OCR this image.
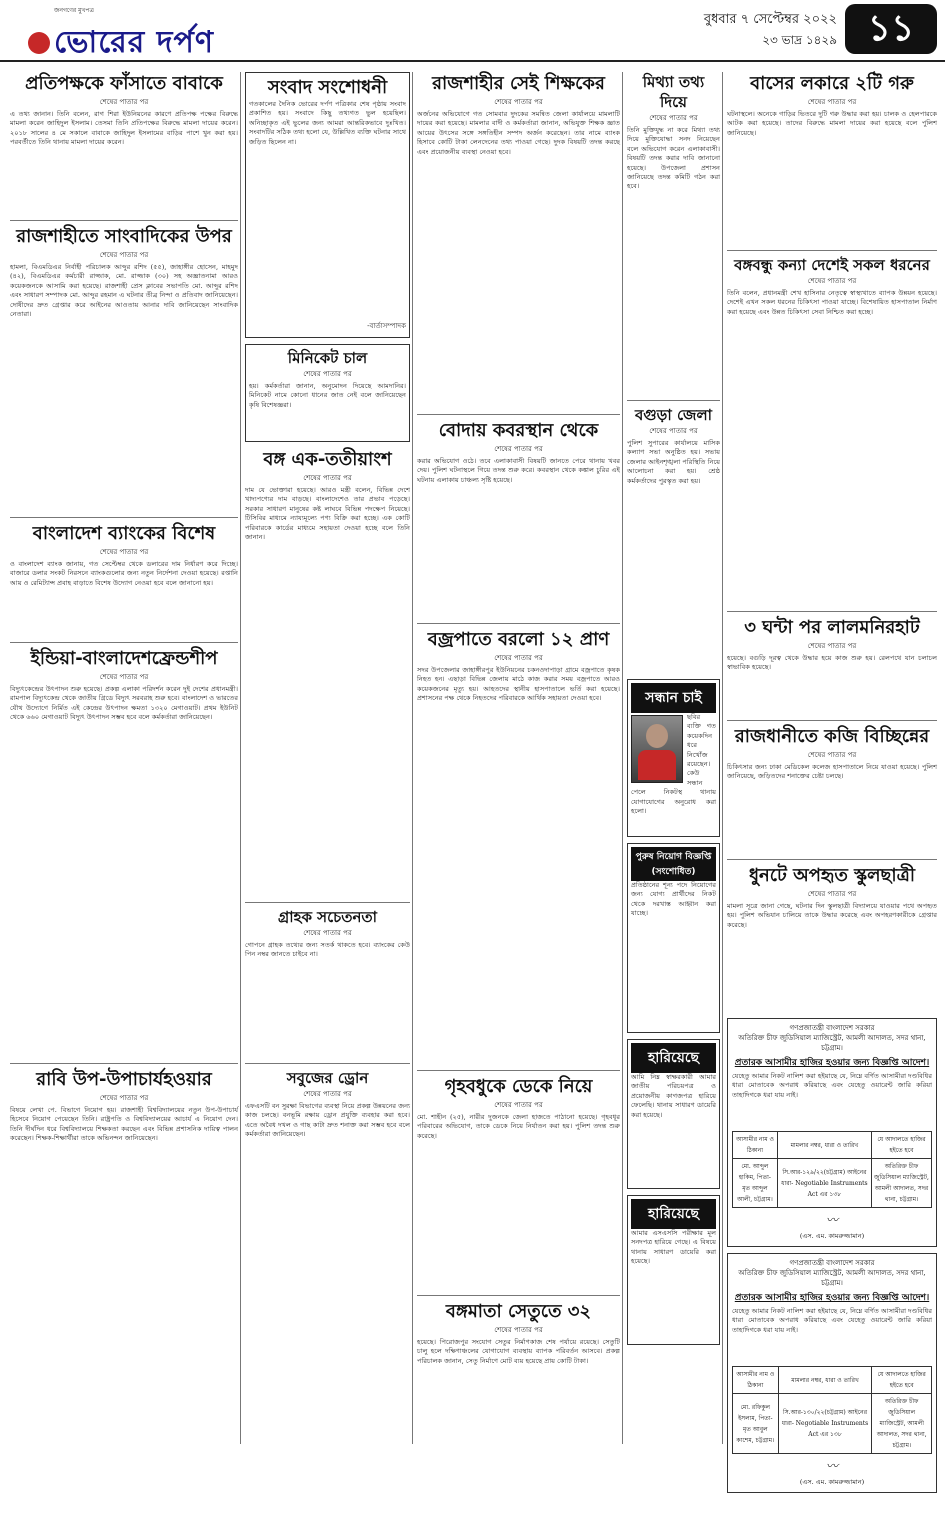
জনগণের মুখপত্র
ভোরের দর্পণ
বুধবার ৭ সেপ্টেম্বর ২০২২
২৩ ভাদ্র ১৪২৯ ১১
প্রতিপক্ষকে ফাঁসাতে বাবাকে
শেষের পাতার পর

এ তথ্য জানান। তিনি বলেন, রাগ শিরা ইউনিয়নের কারণে প্রতিপক্ষ পক্ষের বিরুদ্ধে মামলা করেন জাহিদুল ইসলাম। তেসমা তিনি প্রতিপক্ষের বিরুদ্ধে মামলা দায়ের করেন। ২০১৮ সালের ৪ মে সকালে বাবাকে জাহিদুল ইসলামের বাড়ির পাশে খুন করা হয়। পরবর্তীতে তিনি থানায় মামলা দায়ের করেন।

রাজশাহীতে সাংবাদিকের উপর
শেষের পাতার পর

হামলা, বিএমডিএর নির্বাহী পরিচালক আব্দুর রশিদ (৫৫), জাহাঙ্গীর হোসেন, মাহমুদ (৪২), বিএমডিএর কর্মচারী রাজ্জাক, মো. রাজ্জাক (৩০) সহ অজ্ঞাতনামা আরও কয়েকজনকে আসামি করা হয়েছে। রাজশাহী প্রেস ক্লাবের সভাপতি মো. আব্দুর রশিদ এবং সাধারণ সম্পাদক মো. আব্দুর রহমান এ ঘটনার তীব্র নিন্দা ও প্রতিবাদ জানিয়েছেন। দোষীদের দ্রুত গ্রেপ্তার করে আইনের আওতায় আনার দাবি জানিয়েছেন সাংবাদিক নেতারা।

বাংলাদেশ ব্যাংকের বিশেষ
শেষের পাতার পর

ও বাংলাদেশ ব্যাংক জানায়, গত সেপ্টেম্বর থেকে ডলারের দাম নির্ধারণ করে দিচ্ছে। বাজারে ডলার সংকট নিরসনে ব্যাংকগুলোর জন্য নতুন নির্দেশনা দেওয়া হয়েছে। রপ্তানি আয় ও রেমিট্যান্স প্রবাহ বাড়াতে বিশেষ উদ্যোগ নেওয়া হবে বলে জানানো হয়।

ইন্ডিয়া-বাংলাদেশফ্রেন্ডশীপ
শেষের পাতার পর

বিদ্যুৎকেন্দ্রের উৎপাদন শুরু হয়েছে। প্রকল্প এলাকা পরিদর্শন করেন দুই দেশের প্রধানমন্ত্রী। রামপাল বিদ্যুৎকেন্দ্র থেকে জাতীয় গ্রিডে বিদ্যুৎ সরবরাহ শুরু হবে। বাংলাদেশ ও ভারতের যৌথ উদ্যোগে নির্মিত এই কেন্দ্রের উৎপাদন ক্ষমতা ১৩২০ মেগাওয়াট। প্রথম ইউনিট থেকে ৬৬০ মেগাওয়াট বিদ্যুৎ উৎপাদন সম্ভব হবে বলে কর্মকর্তারা জানিয়েছেন।

রাবি উপ-উপাচার্যহওয়ার
শেষের পাতার পর

বিষয়ে লেখা পে. বিভাগে নিয়োগ হয়। রাজশাহী বিশ্ববিদ্যালয়ের নতুন উপ-উপাচার্য হিসেবে নিয়োগ পেয়েছেন তিনি। রাষ্ট্রপতি ও বিশ্ববিদ্যালয়ের আচার্য এ নিয়োগ দেন। তিনি দীর্ঘদিন ধরে বিশ্ববিদ্যালয়ে শিক্ষকতা করছেন এবং বিভিন্ন প্রশাসনিক দায়িত্ব পালন করেছেন। শিক্ষক-শিক্ষার্থীরা তাকে অভিনন্দন জানিয়েছেন।

সংবাদ সংশোধনী

গতকালের দৈনিক ভোরের দর্পণ পত্রিকার শেষ পৃষ্ঠায় সংবাদ প্রকাশিত হয়। সংবাদে কিছু তথ্যগত ভুল হয়েছিল। অনিচ্ছাকৃত এই ভুলের জন্য আমরা আন্তরিকভাবে দুঃখিত। সংবাদটির সঠিক তথ্য হলো যে, উল্লিখিত ব্যক্তি ঘটনার সাথে জড়িত ছিলেন না।

-বার্তাসম্পাদক
মিনিকেট চাল
শেষের পাতার পর

হয়। কর্মকর্তারা জানান, অনুমোদন দিয়েছে আমদানির। মিনিকেট নামে কোনো ধানের জাত নেই বলে জানিয়েছেন কৃষি বিশেষজ্ঞরা।

বঙ্গ এক-ততীয়াংশ
শেষের পাতার পর

দাম যে ভোক্তারা হয়েছে। আরও মন্ত্রী বলেন, বিভিন্ন দেশে খাদ্যপণ্যের দাম বাড়ছে। বাংলাদেশেও তার প্রভাব পড়েছে। সরকার সাধারণ মানুষের কষ্ট লাঘবে বিভিন্ন পদক্ষেপ নিয়েছে। টিসিবির মাধ্যমে ন্যায্যমূল্যে পণ্য বিক্রি করা হচ্ছে। এক কোটি পরিবারকে কার্ডের মাধ্যমে সহায়তা দেওয়া হচ্ছে বলে তিনি জানান।

গ্রাহক সচেতনতা
শেষের পাতার পর

গোপনে গ্রাহক তথ্যের জন্য সতর্ক থাকতে হবে। ব্যাংকের কেউ পিন নম্বর জানতে চাইবে না।

সবুজের ড্রোন
শেষের পাতার পর

এফএসটি বন সুরক্ষা বিভাগের ব্যবস্থা নিয়ে প্রকল্প উন্নয়নের জন্য কাজ চলছে। বনভূমি রক্ষায় ড্রোন প্রযুক্তি ব্যবহার করা হবে। এতে অবৈধ দখল ও গাছ কাটা দ্রুত শনাক্ত করা সম্ভব হবে বলে কর্মকর্তারা জানিয়েছেন।

রাজশাহীর সেই শিক্ষকের
শেষের পাতার পর

অর্জনের অভিযোগে গত সোমবার দুদকের সমন্বিত জেলা কার্যালয়ে মামলাটি দায়ের করা হয়েছে। মামলার বাদী ও কর্মকর্তারা জানান, অভিযুক্ত শিক্ষক জ্ঞাত আয়ের উৎসের সঙ্গে সঙ্গতিহীন সম্পদ অর্জন করেছেন। তার নামে ব্যাংক হিসাবে কোটি টাকা লেনদেনের তথ্য পাওয়া গেছে। দুদক বিষয়টি তদন্ত করছে এবং প্রয়োজনীয় ব্যবস্থা নেওয়া হবে।

বোদায় কবরস্থান থেকে
শেষের পাতার পর

করার অভিযোগ ওঠে। তবে এলাকাবাসী বিষয়টি জানতে পেরে থানায় খবর দেয়। পুলিশ ঘটনাস্থলে গিয়ে তদন্ত শুরু করে। কবরস্থান থেকে কঙ্কাল চুরির এই ঘটনায় এলাকায় চাঞ্চল্য সৃষ্টি হয়েছে।

বজ্রপাতে বরলো ১২ প্রাণ
শেষের পাতার পর

সদর উপজেলার জাহাঙ্গীরপুর ইউনিয়নের চকনওদাপাড়া গ্রামে বজ্রপাতে কৃষক নিহত হন। এছাড়া বিভিন্ন জেলায় মাঠে কাজ করার সময় বজ্রপাতে আরও কয়েকজনের মৃত্যু হয়। আহতদের স্থানীয় হাসপাতালে ভর্তি করা হয়েছে। প্রশাসনের পক্ষ থেকে নিহতদের পরিবারকে আর্থিক সহায়তা দেওয়া হবে।

গৃহবধুকে ডেকে নিয়ে
শেষের পাতার পর

মো. শাহীন (২৫), নারীর দুজনকে জেলা হাজতে পাঠানো হয়েছে। গৃহবধূর পরিবারের অভিযোগ, তাকে ডেকে নিয়ে নির্যাতন করা হয়। পুলিশ তদন্ত শুরু করেছে।

বঙ্গমাতা সেতুতে ৩২
শেষের পাতার পর

হয়েছে। পিরোজপুর সংযোগ সেতুর নির্মাণকাজ শেষ পর্যায়ে রয়েছে। সেতুটি চালু হলে দক্ষিণাঞ্চলের যোগাযোগ ব্যবস্থায় ব্যাপক পরিবর্তন আসবে। প্রকল্প পরিচালক জানান, সেতু নির্মাণে মোট ব্যয় হয়েছে প্রায় কোটি টাকা।

মিথ্যা তথ্য দিয়ে
শেষের পাতার পর

তিনি মুক্তিযুদ্ধ না করে মিথ্যা তথ্য দিয়ে মুক্তিযোদ্ধা সনদ নিয়েছেন বলে অভিযোগ করেন এলাকাবাসী। বিষয়টি তদন্ত করার দাবি জানানো হয়েছে। উপজেলা প্রশাসন জানিয়েছে তদন্ত কমিটি গঠন করা হবে।

বগুড়া জেলা
শেষের পাতার পর

পুলিশ সুপারের কার্যালয়ে মাসিক কল্যাণ সভা অনুষ্ঠিত হয়। সভায় জেলার আইনশৃঙ্খলা পরিস্থিতি নিয়ে আলোচনা করা হয়। শ্রেষ্ঠ কর্মকর্তাদের পুরস্কৃত করা হয়।

সন্ধান চাই

ছবির ব্যক্তি গত কয়েকদিন ধরে নিখোঁজ রয়েছেন। কেউ সন্ধান পেলে নিকটস্থ থানায় যোগাযোগের অনুরোধ করা হলো।

পুরুষ নিয়োগ বিজ্ঞপ্তি (সংশোধিত)

প্রতিষ্ঠানের শূন্য পদে নিয়োগের জন্য যোগ্য প্রার্থীদের নিকট থেকে দরখাস্ত আহ্বান করা যাচ্ছে।

হারিয়েছে

আমি নিম্ন স্বাক্ষরকারী আমার জাতীয় পরিচয়পত্র ও প্রয়োজনীয় কাগজপত্র হারিয়ে ফেলেছি। থানায় সাধারণ ডায়েরি করা হয়েছে।

হারিয়েছে

আমার এসএসসি পরীক্ষার মূল সনদপত্র হারিয়ে গেছে। এ বিষয়ে থানায় সাধারণ ডায়েরি করা হয়েছে।

বাসের লকারে ২টি গরু
শেষের পাতার পর

ঘটনাস্থলে। অনেকে গাড়ির ভিতরে দুটি গরু উদ্ধার করা হয়। চালক ও হেলপারকে আটক করা হয়েছে। তাদের বিরুদ্ধে মামলা দায়ের করা হয়েছে বলে পুলিশ জানিয়েছে।

বঙ্গবন্ধু কন্যা দেশেই সকল ধরনের
শেষের পাতার পর

তিনি বলেন, প্রধানমন্ত্রী শেখ হাসিনার নেতৃত্বে স্বাস্থ্যখাতে ব্যাপক উন্নয়ন হয়েছে। দেশেই এখন সকল ধরনের চিকিৎসা পাওয়া যাচ্ছে। বিশেষায়িত হাসপাতাল নির্মাণ করা হয়েছে এবং উন্নত চিকিৎসা সেবা নিশ্চিত করা হচ্ছে।

৩ ঘন্টা পর লালমনিরহাট
শেষের পাতার পর

হয়েছে। বগুড়ি দূরত্ব থেকে উদ্ধার হয়ে কাজ শুরু হয়। রেলপথে যান চলাচল স্বাভাবিক হয়েছে।

রাজধানীতে কজি বিচ্ছিন্নের
শেষের পাতার পর

চিকিৎসার জন্য ঢাকা মেডিকেল কলেজ হাসপাতালে নিয়ে যাওয়া হয়েছে। পুলিশ জানিয়েছে, জড়িতদের শনাক্তের চেষ্টা চলছে।

ধুনটে অপহৃত স্কুলছাত্রী
শেষের পাতার পর

মামলা সূত্রে জানা গেছে, ঘটনার দিন স্কুলছাত্রী বিদ্যালয়ে যাওয়ার পথে অপহৃত হয়। পুলিশ অভিযান চালিয়ে তাকে উদ্ধার করেছে এবং অপহরণকারীকে গ্রেপ্তার করেছে।

গণপ্রজাতন্ত্রী বাংলাদেশ সরকার
অতিরিক্ত চীফ জুডিসিয়াল ম্যাজিস্ট্রেট, আমলী আদালত, সদর থানা, চট্টগ্রাম।
প্রতারক আসামীর হাজির হওয়ার জন্য বিজ্ঞপ্তি আদেশ।

যেহেতু আমার নিকট নালিশ করা হইয়াছে যে, নিম্নে বর্ণিত আসামীরা দণ্ডবিধির ধারা মোতাবেক অপরাধ করিয়াছে এবং যেহেতু ওয়ারেন্ট জারি করিয়া তাহাদিগকে ধরা যায় নাই।

আসামীর নাম ও ঠিকানা	মামলার নম্বর, ধারা ও তারিখ	যে আদালতে হাজির হইতে হবে
মো. আব্দুল হাকিম, পিতা-মৃত আব্দুল আলী, চট্টগ্রাম।	সি.আর-১২৯/২২(চট্টগ্রাম) আইনের ধারা- Negotiable Instruments Act এর ১৩৮	অতিরিক্ত চীফ জুডিসিয়াল ম্যাজিস্ট্রেট, আমলী আদালত, সদর থানা, চট্টগ্রাম।
〰
(এস. এম. কামরুজ্জামান)
গণপ্রজাতন্ত্রী বাংলাদেশ সরকার
অতিরিক্ত চীফ জুডিসিয়াল ম্যাজিস্ট্রেট, আমলী আদালত, সদর থানা, চট্টগ্রাম।
প্রতারক আসামীর হাজির হওয়ার জন্য বিজ্ঞপ্তি আদেশ।

যেহেতু আমার নিকট নালিশ করা হইয়াছে যে, নিম্নে বর্ণিত আসামীরা দণ্ডবিধির ধারা মোতাবেক অপরাধ করিয়াছে এবং যেহেতু ওয়ারেন্ট জারি করিয়া তাহাদিগকে ধরা যায় নাই।

আসামীর নাম ও ঠিকানা	মামলার নম্বর, ধারা ও তারিখ	যে আদালতে হাজির হইতে হবে
মো. রফিকুল ইসলাম, পিতা-মৃত আবুল কাশেম, চট্টগ্রাম।	সি.আর-১৩০/২২(চট্টগ্রাম) আইনের ধারা- Negotiable Instruments Act এর ১৩৮	অতিরিক্ত চীফ জুডিসিয়াল ম্যাজিস্ট্রেট, আমলী আদালত, সদর থানা, চট্টগ্রাম।
〰
(এস. এম. কামরুজ্জামান)
